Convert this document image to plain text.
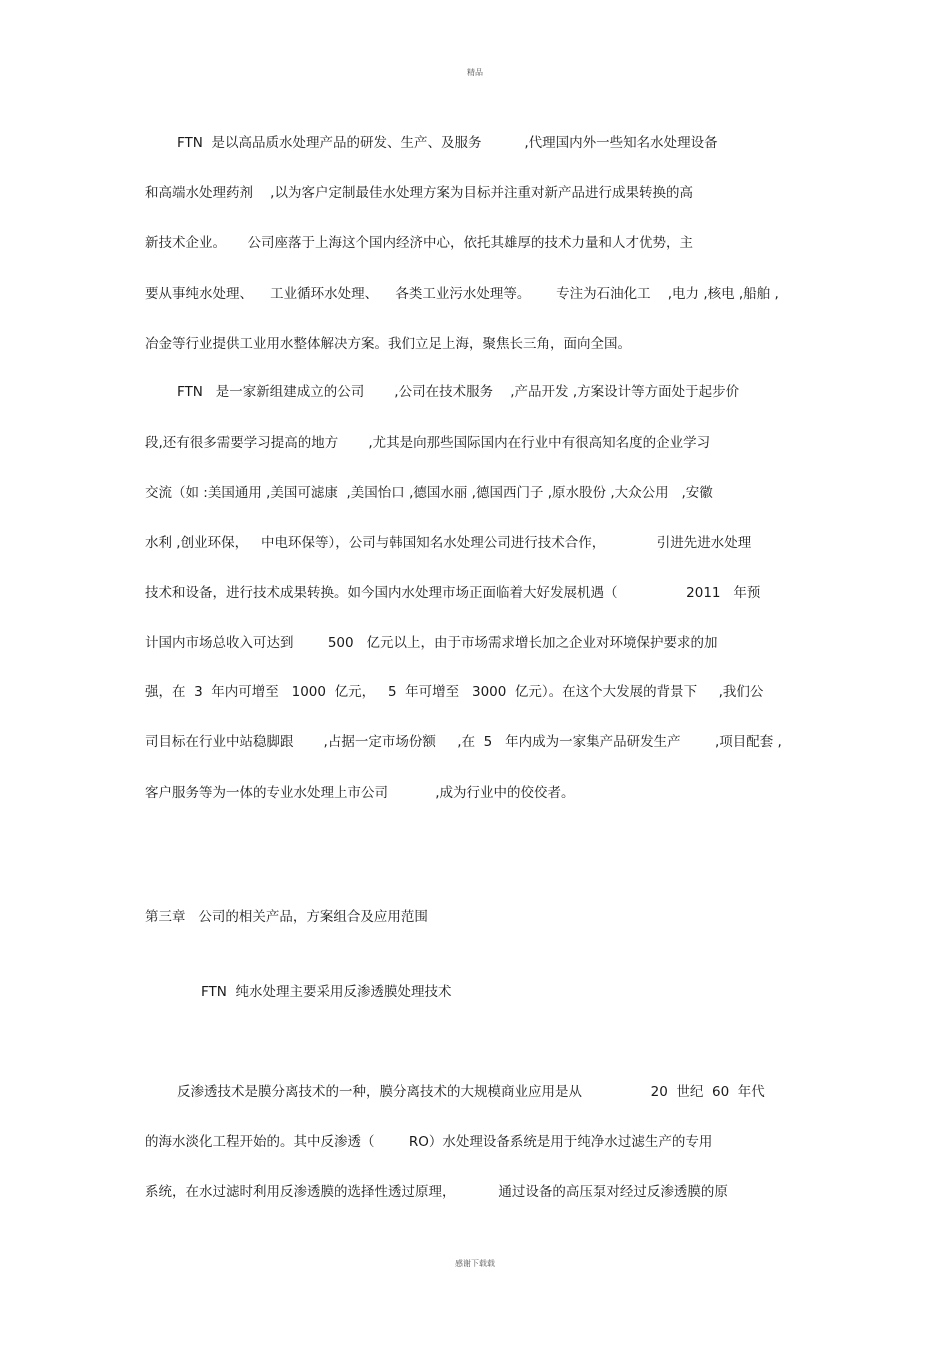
精品
FTN  是以高品质水处理产品的研发、生产、及服务          ,代理国内外一些知名水处理设备
和高端水处理药剂    ,以为客户定制最佳水处理方案为目标并注重对新产品进行成果转换的高
新技术企业。     公司座落于上海这个国内经济中心，依托其雄厚的技术力量和人才优势，主
要从事纯水处理、    工业循环水处理、    各类工业污水处理等。      专注为石油化工    ,电力 ,核电 ,船舶 ,
冶金等行业提供工业用水整体解决方案。我们立足上海，聚焦长三角，面向全国。
FTN   是一家新组建成立的公司       ,公司在技术服务    ,产品开发 ,方案设计等方面处于起步价
段,还有很多需要学习提高的地方       ,尤其是向那些国际国内在行业中有很高知名度的企业学习
交流（如 :美国通用 ,美国可滤康  ,美国怡口 ,德国水丽 ,德国西门子 ,原水股份 ,大众公用   ,安徽
水利 ,创业环保，   中电环保等），公司与韩国知名水处理公司进行技术合作，            引进先进水处理
技术和设备，进行技术成果转换。如今国内水处理市场正面临着大好发展机遇（                2011   年预
计国内市场总收入可达到        500   亿元以上，由于市场需求增长加之企业对环境保护要求的加
强，在  3  年内可增至   1000  亿元，   5  年可增至   3000  亿元）。在这个大发展的背景下     ,我们公
司目标在行业中站稳脚跟       ,占据一定市场份额     ,在  5   年内成为一家集产品研发生产        ,项目配套 ,
客户服务等为一体的专业水处理上市公司           ,成为行业中的佼佼者。
第三章   公司的相关产品，方案组合及应用范围
FTN  纯水处理主要采用反渗透膜处理技术
反渗透技术是膜分离技术的一种，膜分离技术的大规模商业应用是从                20  世纪  60  年代
的海水淡化工程开始的。其中反渗透（        RO）水处理设备系统是用于纯净水过滤生产的专用
系统，在水过滤时利用反渗透膜的选择性透过原理，          通过设备的高压泵对经过反渗透膜的原
感谢下载载
